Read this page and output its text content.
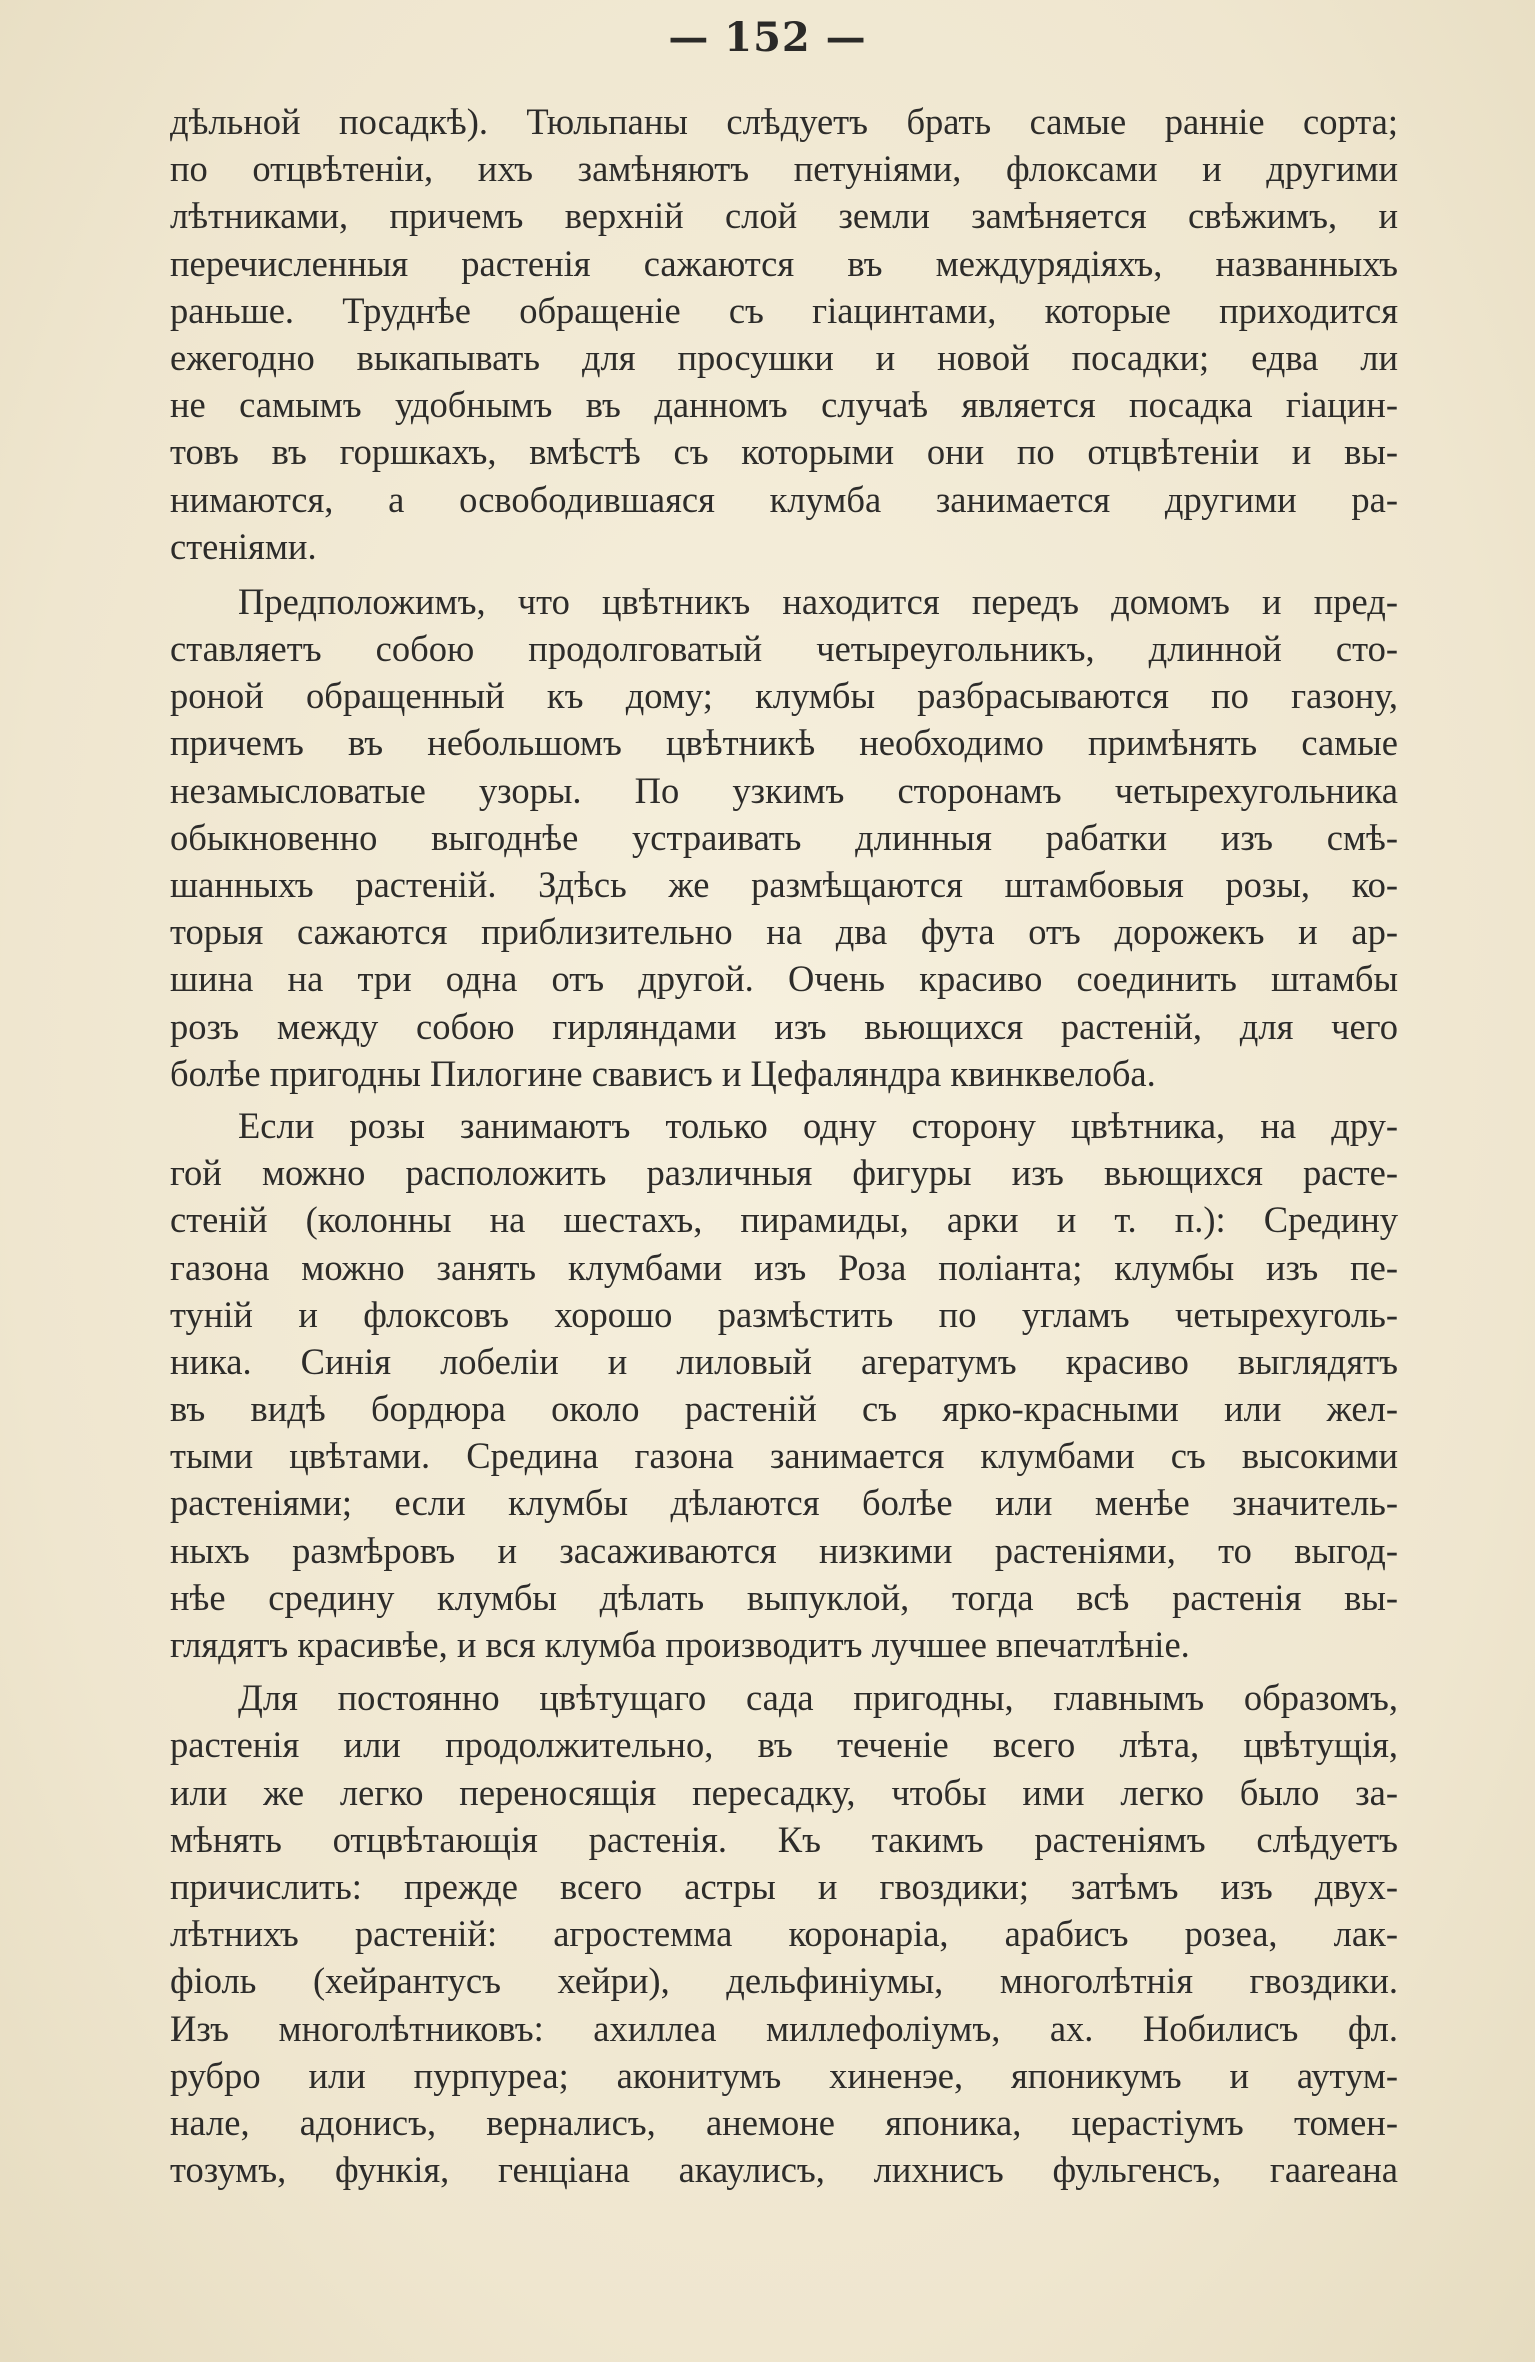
— 152 —

дѣльной посадкѣ). Тюльпаны слѣдуетъ брать самые ранніе сорта;
по отцвѣтеніи, ихъ замѣняютъ петуніями, флоксами и другими
лѣтниками, причемъ верхній слой земли замѣняется свѣжимъ, и
перечисленныя растенія сажаются въ междурядіяхъ, названныхъ
раньше. Труднѣе обращеніе съ гіацинтами, которые приходится
ежегодно выкапывать для просушки и новой посадки; едва ли
не самымъ удобнымъ въ данномъ случаѣ является посадка гіацин-
товъ въ горшкахъ, вмѣстѣ съ которыми они по отцвѣтеніи и вы-
нимаются, а освободившаяся клумба занимается другими ра-
стеніями.

Предположимъ, что цвѣтникъ находится передъ домомъ и пред-
ставляетъ собою продолговатый четыреугольникъ, длинной сто-
роной обращенный къ дому; клумбы разбрасываются по газону,
причемъ въ небольшомъ цвѣтникѣ необходимо примѣнять самые
незамысловатые узоры. По узкимъ сторонамъ четырехугольника
обыкновенно выгоднѣе устраивать длинныя рабатки изъ смѣ-
шанныхъ растеній. Здѣсь же размѣщаются штамбовыя розы, ко-
торыя сажаются приблизительно на два фута отъ дорожекъ и ар-
шина на три одна отъ другой. Очень красиво соединить штамбы
розъ между собою гирляндами изъ вьющихся растеній, для чего
болѣе пригодны Пилогине свависъ и Цефаляндра квинквелоба.

Если розы занимаютъ только одну сторону цвѣтника, на дру-
гой можно расположить различныя фигуры изъ вьющихся расте-
стеній (колонны на шестахъ, пирамиды, арки и т. п.): Средину
газона можно занять клумбами изъ Роза поліанта; клумбы изъ пе-
туній и флоксовъ хорошо размѣстить по угламъ четырехуголь-
ника. Синія лобеліи и лиловый агератумъ красиво выглядятъ
въ видѣ бордюра около растеній съ ярко-красными или жел-
тыми цвѣтами. Средина газона занимается клумбами съ высокими
растеніями; если клумбы дѣлаются болѣе или менѣе значитель-
ныхъ размѣровъ и засаживаются низкими растеніями, то выгод-
нѣе средину клумбы дѣлать выпуклой, тогда всѣ растенія вы-
глядятъ красивѣе, и вся клумба производитъ лучшее впечатлѣніе.

Для постоянно цвѣтущаго сада пригодны, главнымъ образомъ,
растенія или продолжительно, въ теченіе всего лѣта, цвѣтущія,
или же легко переносящія пересадку, чтобы ими легко было за-
мѣнять отцвѣтающія растенія. Къ такимъ растеніямъ слѣдуетъ
причислить: прежде всего астры и гвоздики; затѣмъ изъ двух-
лѣтнихъ растеній: агростемма коронаріа, арабисъ розеа, лак-
фіоль (хейрантусъ хейри), дельфиніумы, многолѣтнія гвоздики.
Изъ многолѣтниковъ: ахиллеа миллефоліумъ, ах. Нобилисъ фл.
рубро или пурпуреа; аконитумъ хиненэе, японикумъ и аутум-
нале, адонисъ, верналисъ, анемоне японика, церастіумъ томен-
тозумъ, функія, генціана акаулисъ, лихнисъ фульгенсъ, гааrеана
